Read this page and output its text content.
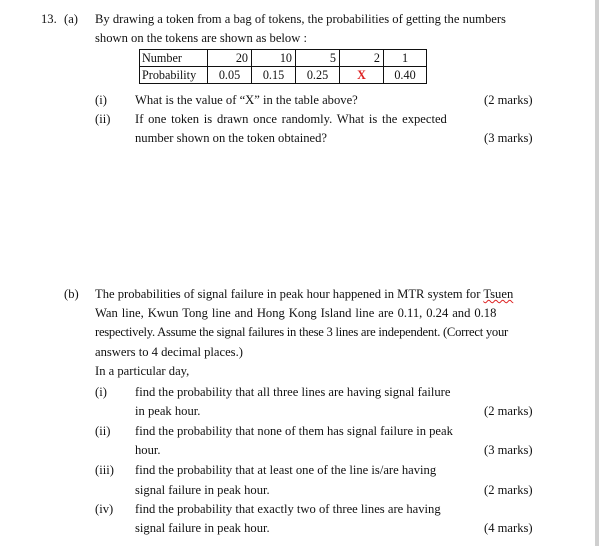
13. (a) By drawing a token from a bag of tokens, the probabilities of getting the numbers
shown on the tokens are shown as below :
Number	20	10	5	2	1
Probability	0.05	0.15	0.25	X	0.40
(i) What is the value of “X” in the table above?	(2 marks)
(ii) If one token is drawn once randomly. What is the expected
number shown on the token obtained?	(3 marks)
(b) The probabilities of signal failure in peak hour happened in MTR system for Tsuen
Wan line, Kwun Tong line and Hong Kong Island line are 0.11, 0.24 and 0.18
respectively. Assume the signal failures in these 3 lines are independent. (Correct your
answers to 4 decimal places.)
In a particular day,
(i) find the probability that all three lines are having signal failure
in peak hour.	(2 marks)
(ii) find the probability that none of them has signal failure in peak
hour.	(3 marks)
(iii) find the probability that at least one of the line is/are having
signal failure in peak hour.	(2 marks)
(iv) find the probability that exactly two of three lines are having
signal failure in peak hour.	(4 marks)
